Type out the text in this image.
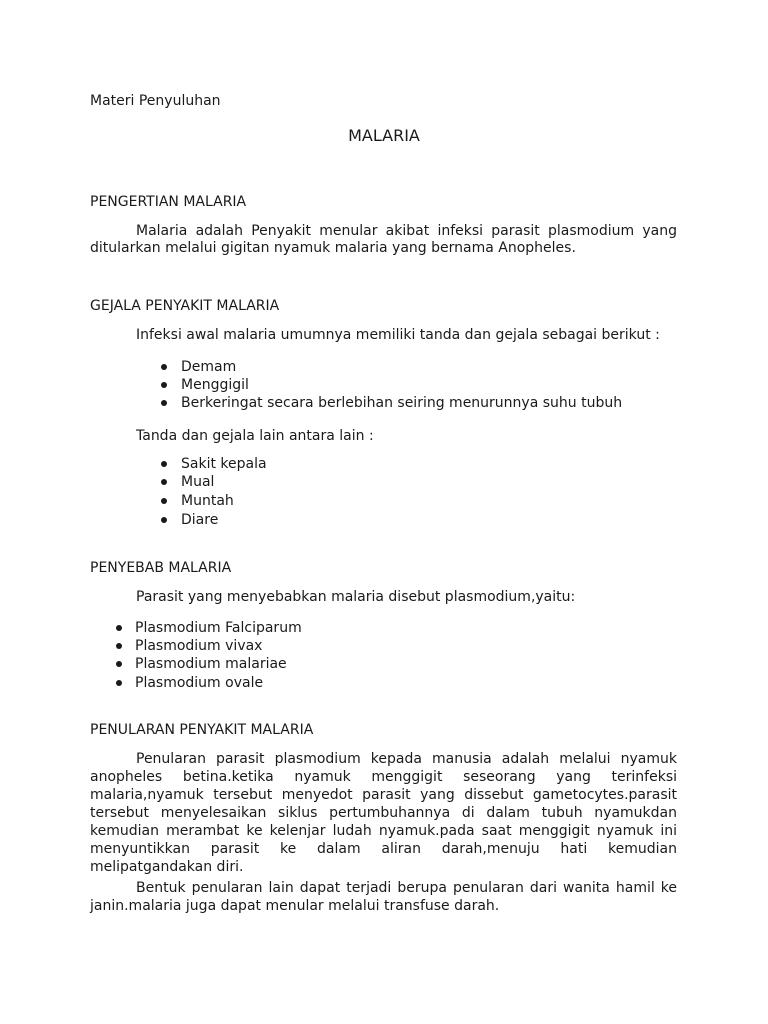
Materi Penyuluhan
MALARIA
PENGERTIAN MALARIA
Malaria adalah Penyakit menular akibat infeksi parasit plasmodium yang
ditularkan melalui gigitan nyamuk malaria yang bernama Anopheles.
GEJALA PENYAKIT MALARIA
Infeksi awal malaria umumnya memiliki tanda dan gejala sebagai berikut :
Demam
Menggigil
Berkeringat secara berlebihan seiring menurunnya suhu tubuh
Tanda dan gejala lain antara lain :
Sakit kepala
Mual
Muntah
Diare
PENYEBAB MALARIA
Parasit yang menyebabkan malaria disebut plasmodium,yaitu:
Plasmodium Falciparum
Plasmodium vivax
Plasmodium malariae
Plasmodium ovale
PENULARAN PENYAKIT MALARIA
Penularan parasit plasmodium kepada manusia adalah melalui nyamuk
anopheles betina.ketika nyamuk menggigit seseorang yang terinfeksi
malaria,nyamuk tersebut menyedot parasit yang dissebut gametocytes.parasit
tersebut menyelesaikan siklus pertumbuhannya di dalam tubuh nyamukdan
kemudian merambat ke kelenjar ludah nyamuk.pada saat menggigit nyamuk ini
menyuntikkan parasit ke dalam aliran darah,menuju hati kemudian
melipatgandakan diri.
Bentuk penularan lain dapat terjadi berupa penularan dari wanita hamil ke
janin.malaria juga dapat menular melalui transfuse darah.
